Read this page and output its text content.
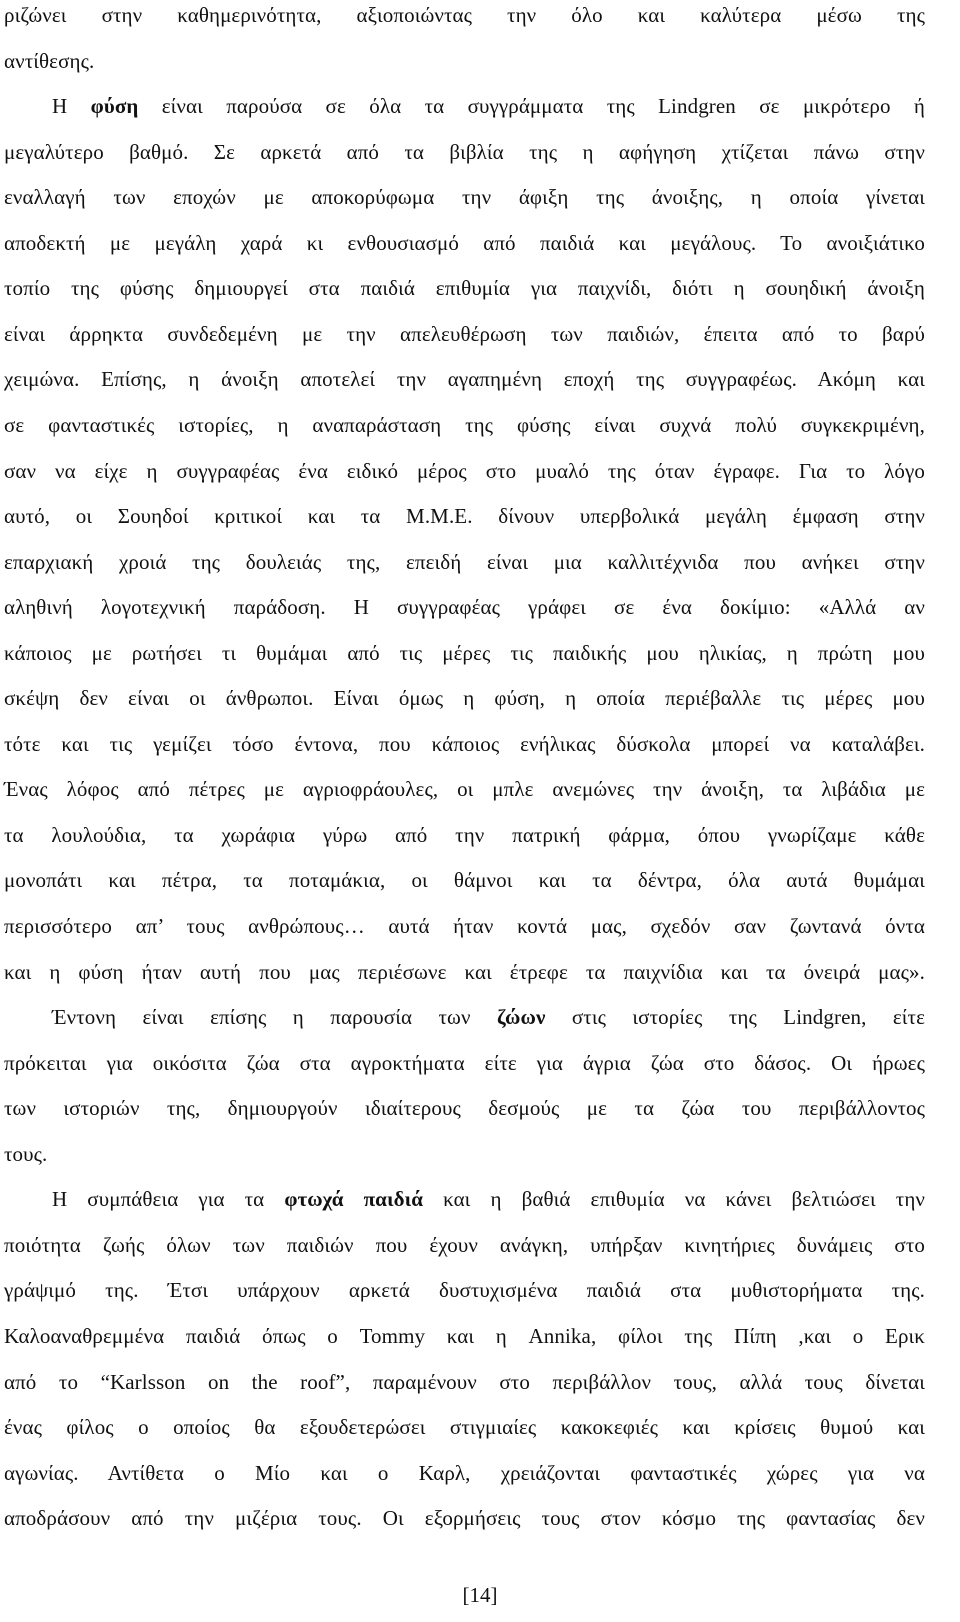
ριζώνει στην καθημερινότητα, αξιοποιώντας την όλο και καλύτερα μέσω της
αντίθεσης.
Η φύση είναι παρούσα σε όλα τα συγγράμματα της Lindgren σε μικρότερο ή
μεγαλύτερο βαθμό. Σε αρκετά από τα βιβλία της η αφήγηση χτίζεται πάνω στην
εναλλαγή των εποχών με αποκορύφωμα την άφιξη της άνοιξης, η οποία γίνεται
αποδεκτή με μεγάλη χαρά κι ενθουσιασμό από παιδιά και μεγάλους. Το ανοιξιάτικο
τοπίο της φύσης δημιουργεί στα παιδιά επιθυμία για παιχνίδι, διότι η σουηδική άνοιξη
είναι άρρηκτα συνδεδεμένη με την απελευθέρωση των παιδιών, έπειτα από το βαρύ
χειμώνα. Επίσης, η άνοιξη αποτελεί την αγαπημένη εποχή της συγγραφέως. Ακόμη και
σε φανταστικές ιστορίες, η αναπαράσταση της φύσης είναι συχνά πολύ συγκεκριμένη,
σαν να είχε η συγγραφέας ένα ειδικό μέρος στο μυαλό της όταν έγραφε. Για το λόγο
αυτό, οι Σουηδοί κριτικοί και τα Μ.Μ.Ε. δίνουν υπερβολικά μεγάλη έμφαση στην
επαρχιακή χροιά της δουλειάς της, επειδή είναι μια καλλιτέχνιδα που ανήκει στην
αληθινή λογοτεχνική παράδοση. Η συγγραφέας γράφει σε ένα δοκίμιο: «Αλλά αν
κάποιος με ρωτήσει τι θυμάμαι από τις μέρες τις παιδικής μου ηλικίας, η πρώτη μου
σκέψη δεν είναι οι άνθρωποι. Είναι όμως η φύση, η οποία περιέβαλλε τις μέρες μου
τότε και τις γεμίζει τόσο έντονα, που κάποιος ενήλικας δύσκολα μπορεί να καταλάβει.
Ένας λόφος από πέτρες με αγριοφράουλες, οι μπλε ανεμώνες την άνοιξη, τα λιβάδια με
τα λουλούδια, τα χωράφια γύρω από την πατρική φάρμα, όπου γνωρίζαμε κάθε
μονοπάτι και πέτρα, τα ποταμάκια, οι θάμνοι και τα δέντρα, όλα αυτά θυμάμαι
περισσότερο απ’ τους ανθρώπους… αυτά ήταν κοντά μας, σχεδόν σαν ζωντανά όντα
και η φύση ήταν αυτή που μας περιέσωνε και έτρεφε τα παιχνίδια και τα όνειρά μας».
Έντονη είναι επίσης η παρουσία των ζώων στις ιστορίες της Lindgren, είτε
πρόκειται για οικόσιτα ζώα στα αγροκτήματα είτε για άγρια ζώα στο δάσος. Οι ήρωες
των ιστοριών της, δημιουργούν ιδιαίτερους δεσμούς με τα ζώα του περιβάλλοντος
τους.
Η συμπάθεια για τα φτωχά παιδιά και η βαθιά επιθυμία να κάνει βελτιώσει την
ποιότητα ζωής όλων των παιδιών που έχουν ανάγκη, υπήρξαν κινητήριες δυνάμεις στο
γράψιμό της. Έτσι υπάρχουν αρκετά δυστυχισμένα παιδιά στα μυθιστορήματα της.
Καλοαναθρεμμένα παιδιά όπως ο Tommy και η Annika, φίλοι της Πίπη ,και ο Ερικ
από το “Karlsson on the roof”, παραμένουν στο περιβάλλον τους, αλλά τους δίνεται
ένας φίλος ο οποίος θα εξουδετερώσει στιγμιαίες κακοκεφιές και κρίσεις θυμού και
αγωνίας. Αντίθετα ο Μίο και ο Καρλ, χρειάζονται φανταστικές χώρες για να
αποδράσουν από την μιζέρια τους. Οι εξορμήσεις τους στον κόσμο της φαντασίας δεν
[14]
